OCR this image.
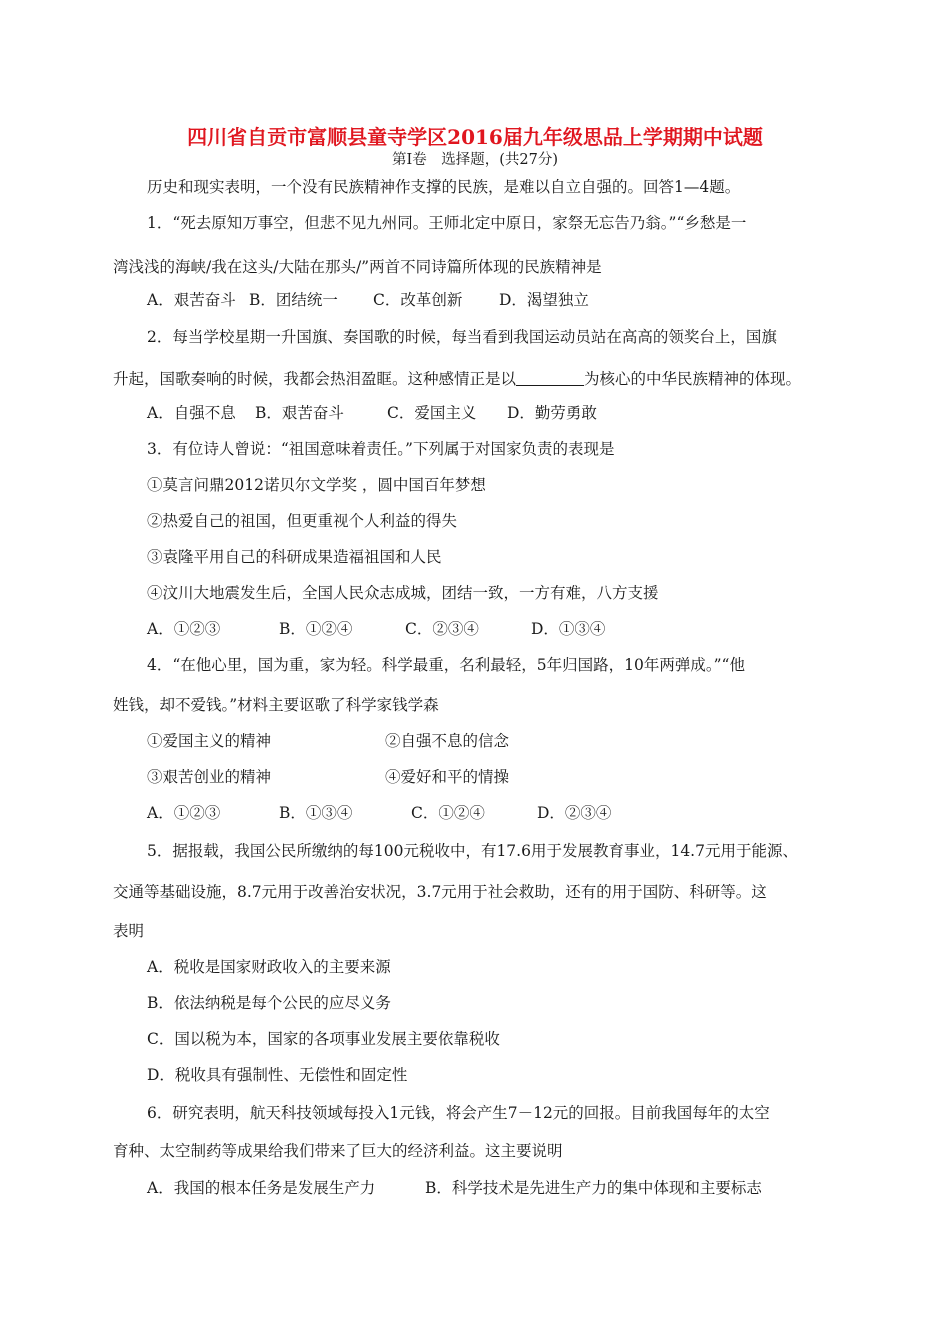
四川省自贡市富顺县童寺学区2016届九年级思品上学期期中试题
第Ⅰ卷　选择题，(共27分)
历史和现实表明，一个没有民族精神作支撑的民族，是难以自立自强的。回答1—4题。
1．“死去原知万事空，但悲不见九州同。王师北定中原日，家祭无忘告乃翁。”“乡愁是一
湾浅浅的海峡/我在这头/大陆在那头/”两首不同诗篇所体现的民族精神是
A．艰苦奋斗 B．团结统一 C．改革创新 D．渴望独立
2．每当学校星期一升国旗、奏国歌的时候，每当看到我国运动员站在高高的领奖台上，国旗
升起，国歌奏响的时候，我都会热泪盈眶。这种感情正是以	为核心的中华民族精神的体现。
A．自强不息 B．艰苦奋斗	C．爱国主义 D．勤劳勇敢
3．有位诗人曾说：“祖国意味着责任。”下列属于对国家负责的表现是
①莫言问鼎2012诺贝尔文学奖 ，圆中国百年梦想
②热爱自己的祖国，但更重视个人利益的得失
③袁隆平用自己的科研成果造福祖国和人民
④汶川大地震发生后，全国人民众志成城，团结一致，一方有难，八方支援
A．①②③	B．①②④	C．②③④	D．①③④
4．“在他心里，国为重，家为轻。科学最重，名利最轻，5年归国路，10年两弹成。”“他
姓钱，却不爱钱。”材料主要讴歌了科学家钱学森
①爱国主义的精神	②自强不息的信念
③艰苦创业的精神	④爱好和平的情操
A．①②③	B．①③④	C．①②④	D．②③④
5．据报载，我国公民所缴纳的每100元税收中，有17.6用于发展教育事业，14.7元用于能源、
交通等基础设施，8.7元用于改善治安状况，3.7元用于社会救助，还有的用于国防、科研等。这
表明
A．税收是国家财政收入的主要来源
B．依法纳税是每个公民的应尽义务
C．国以税为本，国家的各项事业发展主要依靠税收
D．税收具有强制性、无偿性和固定性
6．研究表明，航天科技领域每投入1元钱，将会产生7－12元的回报。目前我国每年的太空
育种、太空制药等成果给我们带来了巨大的经济利益。这主要说明
A．我国的根本任务是发展生产力	B．科学技术是先进生产力的集中体现和主要标志
